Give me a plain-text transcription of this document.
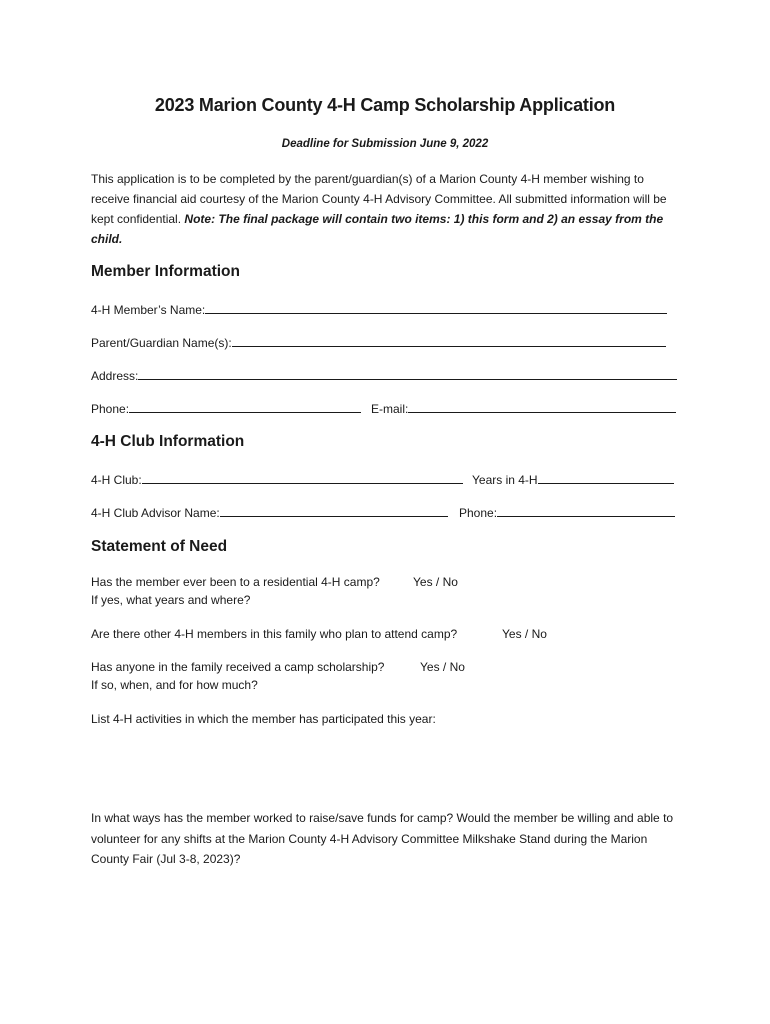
2023 Marion County 4-H Camp Scholarship Application
Deadline for Submission June 9, 2022
This application is to be completed by the parent/guardian(s) of a Marion County 4-H member wishing to receive financial aid courtesy of the Marion County 4-H Advisory Committee. All submitted information will be kept confidential. Note: The final package will contain two items: 1) this form and 2) an essay from the child.
Member Information
4-H Member’s Name:
Parent/Guardian Name(s):
Address:
Phone:	E-mail:
4-H Club Information
4-H Club:	Years in 4-H
4-H Club Advisor Name:	Phone:
Statement of Need
Has the member ever been to a residential 4-H camp?	Yes / No
If yes, what years and where?
Are there other 4-H members in this family who plan to attend camp?	Yes / No
Has anyone in the family received a camp scholarship?	Yes / No
If so, when, and for how much?
List 4-H activities in which the member has participated this year:
In what ways has the member worked to raise/save funds for camp? Would the member be willing and able to volunteer for any shifts at the Marion County 4-H Advisory Committee Milkshake Stand during the Marion County Fair (Jul 3-8, 2023)?
